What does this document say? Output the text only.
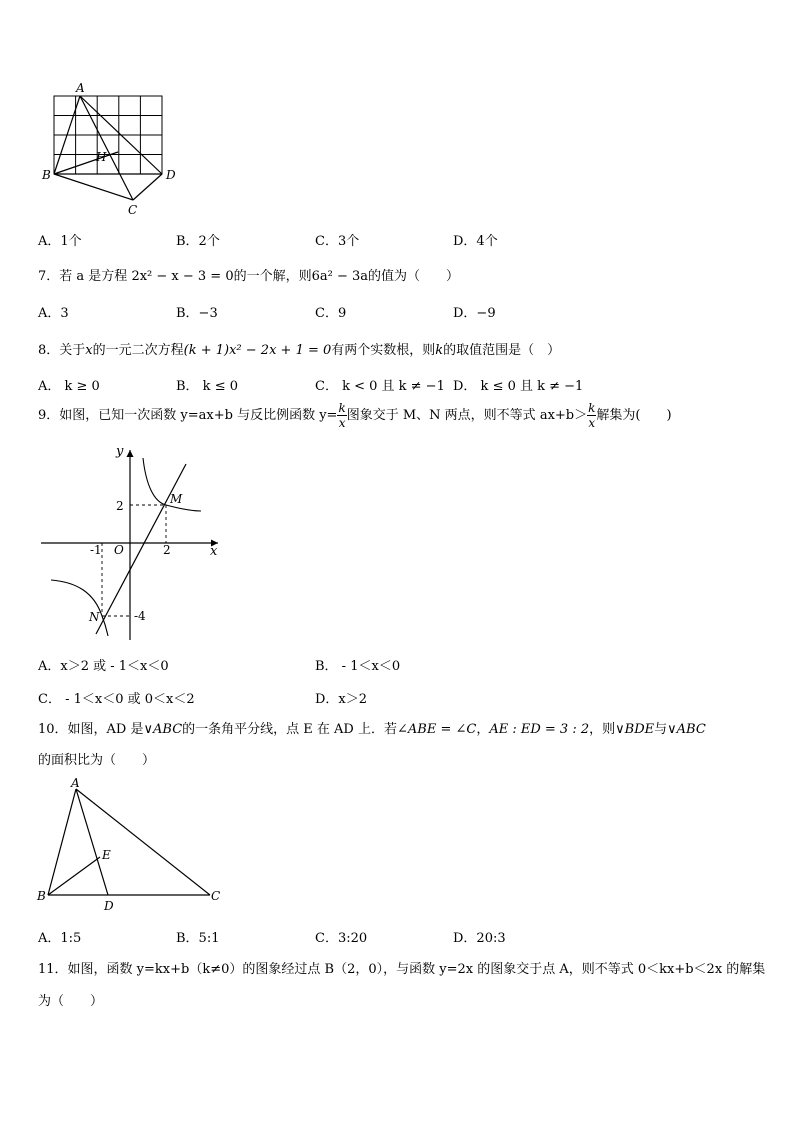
A
B	D
C
H
A．1个	B．2个	C．3个	D．4个
7．若 a 是方程 2x² − x − 3 = 0的一个解，则6a² − 3a的值为（　　）
A．3	B．−3	C．9	D．−9
8．关于x的一元二次方程(k + 1)x² − 2x + 1 = 0有两个实数根，则k的取值范围是（　）
A． k ≥ 0	B． k ≤ 0	C． k < 0 且 k ≠ −1 D． k ≤ 0 且 k ≠ −1
9．如图，已知一次函数 y=ax+b 与反比例函数 $y= \frac{k}{x}$ 图象交于 M、N 两点，则不等式 $ax+b> \frac{k}{x}$ 解集为(　　)
y
x
O
-1	2
2
-4
M
N
A．x＞2 或 - 1＜x＜0	B． - 1＜x＜0
C． - 1＜x＜0 或 0＜x＜2	D．x＞2
10．如图，AD 是∨ABC的一条角平分线，点 E 在 AD 上．若∠ABE = ∠C，AE : ED = 3 : 2，则∨BDE与∨ABC
的面积比为（　　）
A
B	C
D
E
A．1:5	B．5:1	C．3:20	D．20:3
11．如图，函数 y=kx+b（k≠0）的图象经过点 B（2，0），与函数 y=2x 的图象交于点 A，则不等式 0＜kx+b＜2x 的解集
为（　　）
